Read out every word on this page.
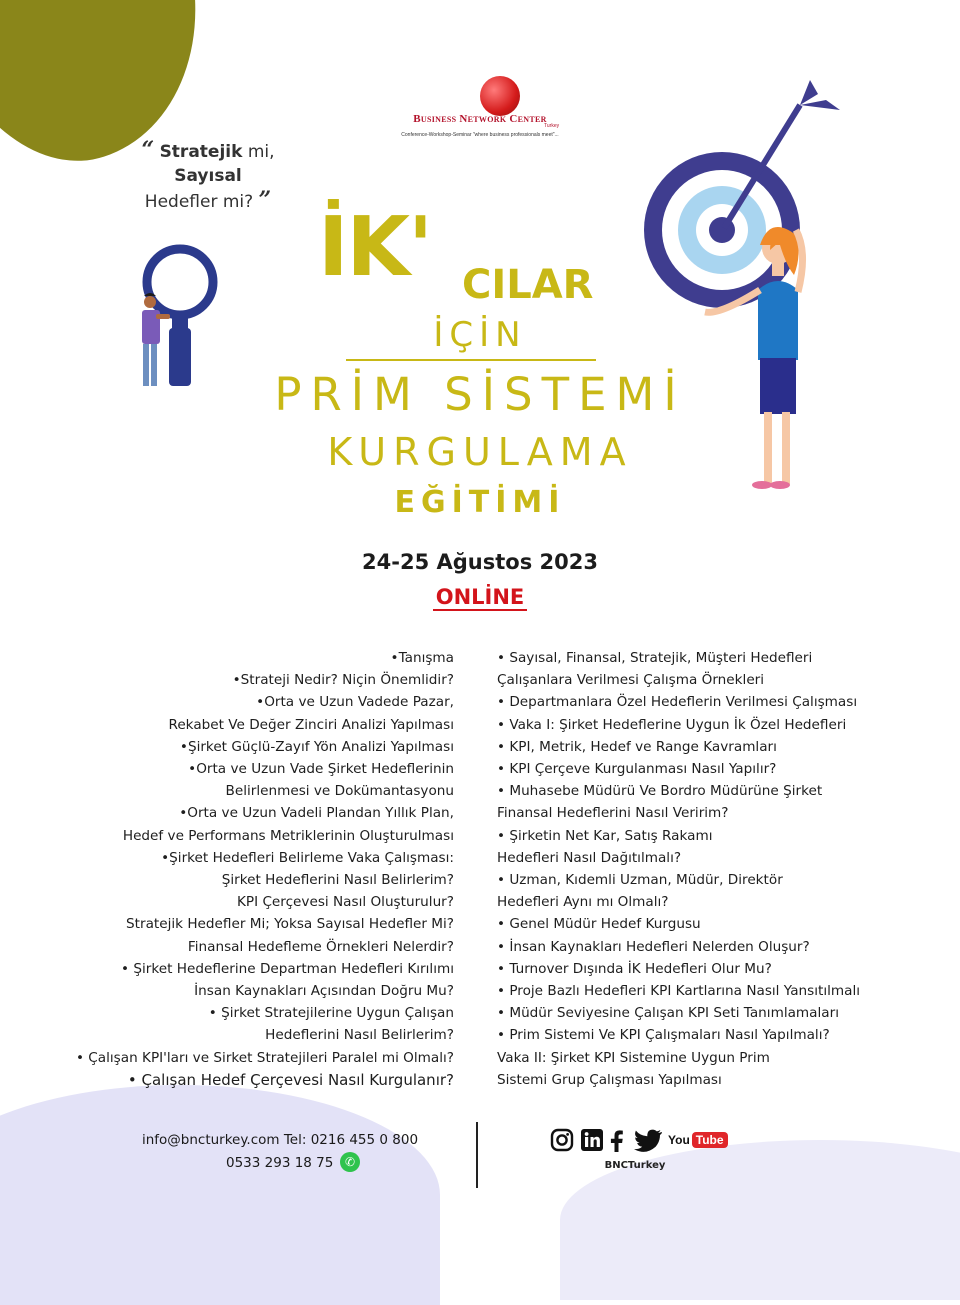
Business Network Center
Turkey
Conference-Workshop-Seminar "where business professionals meet"...
“ Stratejik mi,
Sayısal
Hedefler mi? ” İK' CILAR
İÇİN
PRİM SİSTEMİ
KURGULAMA
EĞİTİMİ
24-25 Ağustos 2023
ONLİNE
•Tanışma
•Strateji Nedir? Niçin Önemlidir?
•Orta ve Uzun Vadede Pazar,
Rekabet Ve Değer Zinciri Analizi Yapılması
•Şirket Güçlü-Zayıf Yön Analizi Yapılması
•Orta ve Uzun Vade Şirket Hedeflerinin
Belirlenmesi ve Dokümantasyonu
•Orta ve Uzun Vadeli Plandan Yıllık Plan,
Hedef ve Performans Metriklerinin Oluşturulması
•Şirket Hedefleri Belirleme Vaka Çalışması:
Şirket Hedeflerini Nasıl Belirlerim?
KPI Çerçevesi Nasıl Oluşturulur?
Stratejik Hedefler Mi; Yoksa Sayısal Hedefler Mi?
Finansal Hedefleme Örnekleri Nelerdir?
• Şirket Hedeflerine Departman Hedefleri Kırılımı
İnsan Kaynakları Açısından Doğru Mu?
• Şirket Stratejilerine Uygun Çalışan
Hedeflerini Nasıl Belirlerim?
• Çalışan KPI'ları ve Sirket Stratejileri Paralel mi Olmalı?
• Çalışan Hedef Çerçevesi Nasıl Kurgulanır?
• Sayısal, Finansal, Stratejik, Müşteri Hedefleri
Çalışanlara Verilmesi Çalışma Örnekleri
• Departmanlara Özel Hedeflerin Verilmesi Çalışması
• Vaka I: Şirket Hedeflerine Uygun İk Özel Hedefleri
• KPI, Metrik, Hedef ve Range Kavramları
• KPI Çerçeve Kurgulanması Nasıl Yapılır?
• Muhasebe Müdürü Ve Bordro Müdürüne Şirket
Finansal Hedeflerini Nasıl Veririm?
• Şirketin Net Kar, Satış Rakamı
Hedefleri Nasıl Dağıtılmalı?
• Uzman, Kıdemli Uzman, Müdür, Direktör
Hedefleri Aynı mı Olmalı?
• Genel Müdür Hedef Kurgusu
• İnsan Kaynakları Hedefleri Nelerden Oluşur?
• Turnover Dışında İK Hedefleri Olur Mu?
• Proje Bazlı Hedefleri KPI Kartlarına Nasıl Yansıtılmalı
• Müdür Seviyesine Çalışan KPI Seti Tanımlamaları
• Prim Sistemi Ve KPI Çalışmaları Nasıl Yapılmalı?
Vaka II: Şirket KPI Sistemine Uygun Prim
Sistemi Grup Çalışması Yapılması
info@bncturkey.com Tel: 0216 455 0 800
0533 293 18 75 ✆
You Tube
BNCTurkey
